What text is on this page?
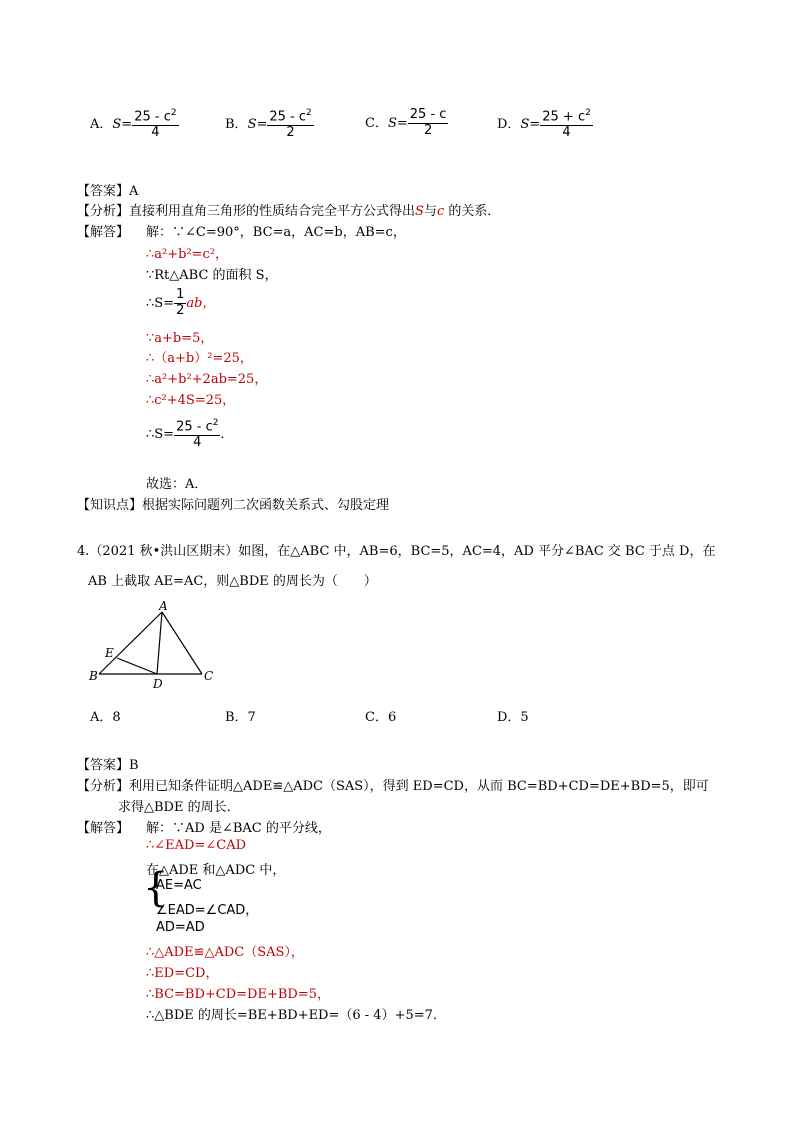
A．$S= \frac{25 - c^2}{4}$	B．$S= \frac{25 - c^2}{2}$	C．$S= \frac{25 - c}{2}$	D．$S= \frac{25 + c^2}{4}$
【答案】A
【分析】直接利用直角三角形的性质结合完全平方公式得出S与c 的关系．
【解答】 解：∵∠C=90°，BC=a，AC=b，AB=c，
∴a²+b²=c²，
∵Rt△ABC 的面积 S，
∴S= $\frac{1}{2}$ ab，
∵a+b=5，
∴（a+b）²=25，
∴a²+b²+2ab=25，
∴c²+4S=25，
∴S= $\frac{25 - c^2}{4}$ ．
故选：A．
【知识点】根据实际问题列二次函数关系式、勾股定理
4.（2021 秋•洪山区期末）如图，在△ABC 中，AB=6，BC=5，AC=4，AD 平分∠BAC 交 BC 于点 D，在
AB 上截取 AE=AC，则△BDE 的周长为（　　）
A
B	C
D
E
A．8	B．7	C．6	D．5
【答案】B
【分析】利用已知条件证明△ADE≌△ADC（SAS），得到 ED=CD，从而 BC=BD+CD=DE+BD=5，即可
求得△BDE 的周长．
【解答】 解：∵AD 是∠BAC 的平分线，
∴∠EAD=∠CAD
在△ADE 和△ADC 中，
{
AE=AC
∠EAD=∠CAD，
AD=AD
∴△ADE≌△ADC（SAS），
∴ED=CD，
∴BC=BD+CD=DE+BD=5，
∴△BDE 的周长=BE+BD+ED=（6 - 4）+5=7．
